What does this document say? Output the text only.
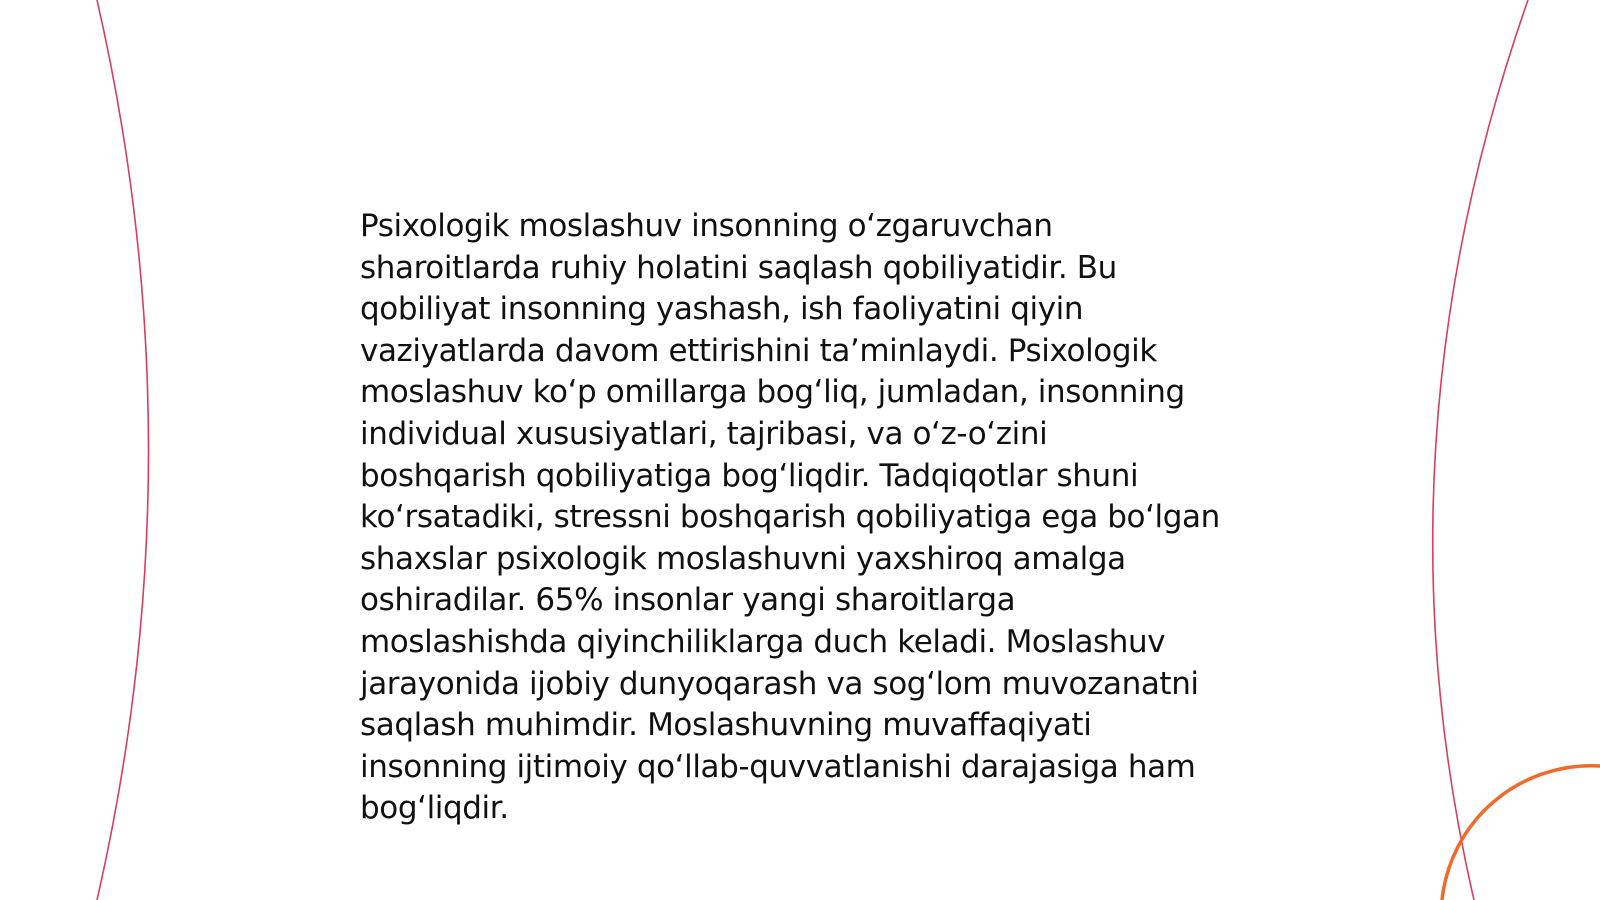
Psixologik moslashuv insonning oʻzgaruvchan sharoitlarda ruhiy holatini saqlash qobiliyatidir. Bu qobiliyat insonning yashash, ish faoliyatini qiyin vaziyatlarda davom ettirishini taʼminlaydi. Psixologik moslashuv koʻp omillarga bogʻliq, jumladan, insonning individual xususiyatlari, tajribasi, va oʻz-oʻzini boshqarish qobiliyatiga bogʻliqdir. Tadqiqotlar shuni koʻrsatadiki, stressni boshqarish qobiliyatiga ega boʻlgan shaxslar psixologik moslashuvni yaxshiroq amalga oshiradilar. 65% insonlar yangi sharoitlarga moslashishda qiyinchiliklarga duch keladi. Moslashuv jarayonida ijobiy dunyoqarash va sogʻlom muvozanatni saqlash muhimdir. Moslashuvning muvaffaqiyati insonning ijtimoiy qoʻllab-quvvatlanishi darajasiga ham bogʻliqdir.
